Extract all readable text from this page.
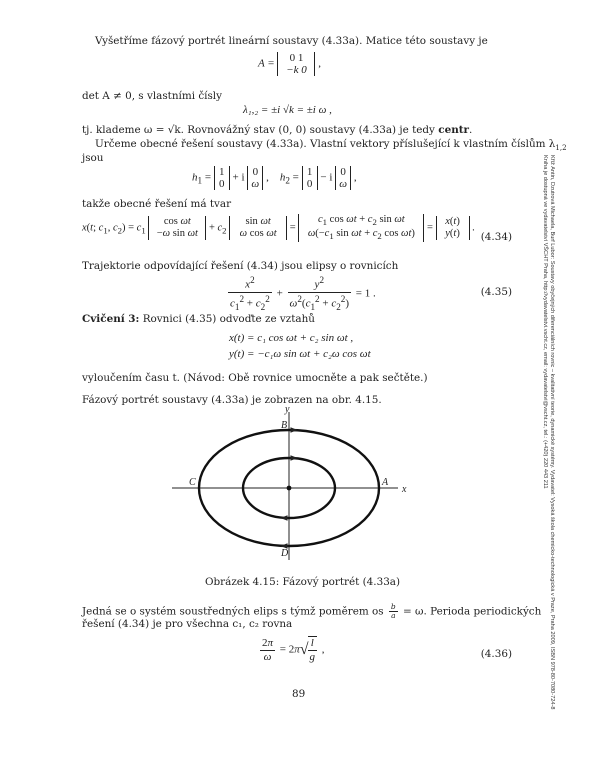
Vyšetříme fázový portrét lineární soustavy (4.33a). Matice této soustavy je
A =	0 1
−k 0
,
det A ≠ 0, s vlastními čísly
λ₁,₂ = ±i √k = ±i ω ,
tj. klademe ω = √k. Rovnovážný stav (0, 0) soustavy (4.33a) je tedy centr.
Určeme obecné řešení soustavy (4.33a). Vlastní vektory příslušející k vlastním číslům $\lambda_{1,2}$
jsou
$h_1 = 1$
0
+ i 0
ω
,    $h_2 = 1$
0
− i 0
ω
,
takže obecné řešení má tvar
x(t; $c_1$, $c_2) = c_1$
cos ωt
−ω sin ωt
+ $c_2$
sin ωt
ω cos ωt
=
$c_1$ $\cos \omega t + c_2$ sin ωt
$\omega(-c_1$ $\sin \omega t + c_2$ cos ωt)
=
x(t)
y(t)
.
(4.34)
Trajektorie odpovídající řešení (4.34) jsou elipsy o rovnicích
$\frac{x^2}{c_1^2 + c_2^2} + \frac{y^2}{\omega^2(c_1^2 + c_2^2)} = 1$ .	(4.35)
Cvičení 3: Rovnici (4.35) odvoďte ze vztahů
x(t) = c₁ cos ωt + c₂ sin ωt ,
y(t) = −c₁ω sin ωt + c₂ω cos ωt
vyloučením času t. (Návod: Obě rovnice umocněte a pak sečtěte.)
Fázový portrét soustavy (4.33a) je zobrazen na obr. 4.15.
B
D
C	A
x
y
Obrázek 4.15: Fázový portrét (4.33a)
Jedná se o systém soustředných elips s týmž poměrem os $\frac{b}{a} = \omega$. Perioda periodických
řešení (4.34) je pro všechna c₁, c₂ rovna
$\frac{2\pi}{\omega} = 2\pi√ \frac{l}{g}$ ,	(4.36)
89	Kříž Antin, Dzutrová Michaela, Burf Lubor: Soustavy obyčejných diferenciálních rovnic – kvalitativní teorie, dynamické systémy. Vydavatel: Vysoká škola chemicko-technologická v Praze, Praha 2009, ISBN 978-80-7080-724-8
Kniha je dostupná ve vydavatelství VŠCHT Praha, http://vydavatelstvi.vscht.cz, email: vydavatelstvi@vscht.cz, tel.: (+420) 220 443 211
